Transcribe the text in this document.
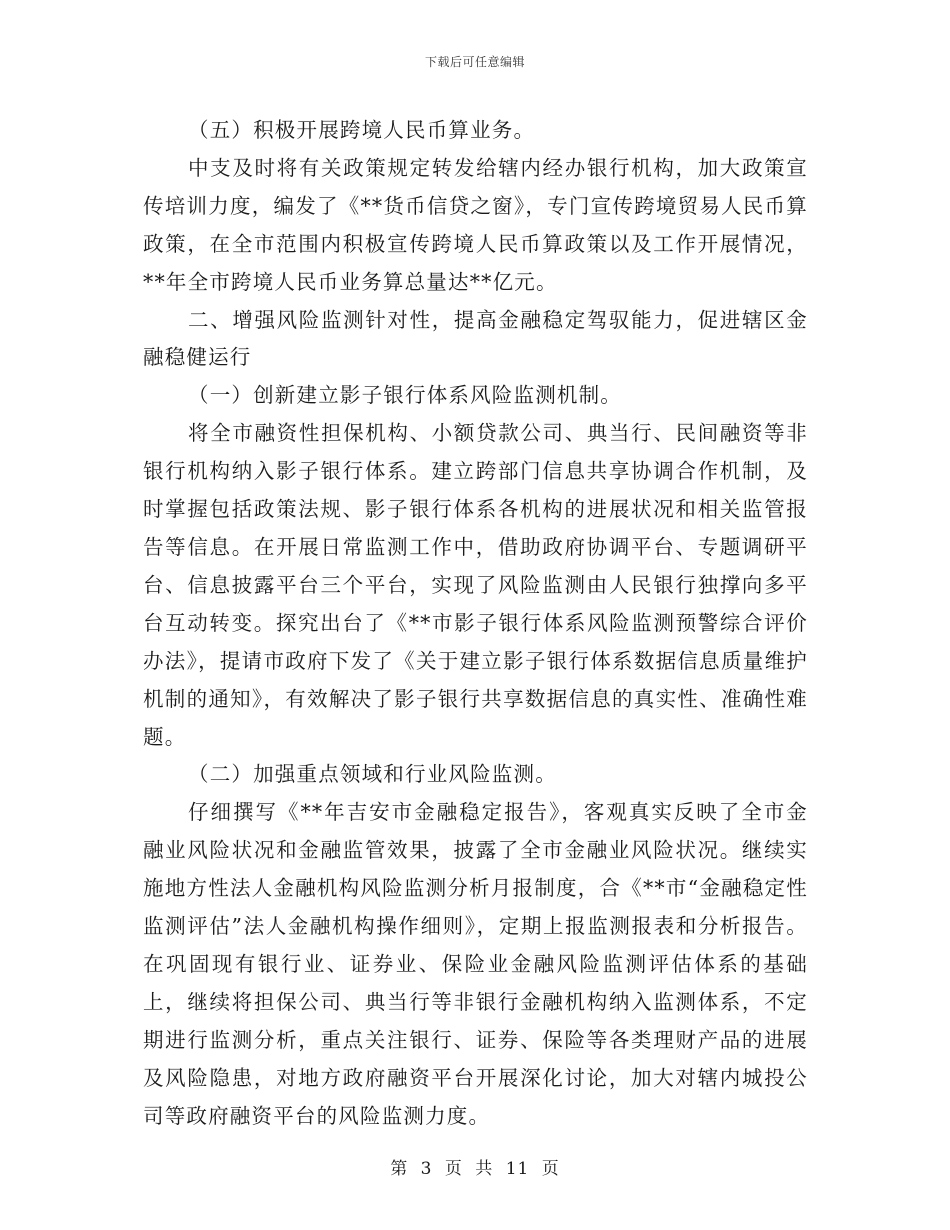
下载后可任意编辑

（五）积极开展跨境人民币算业务。

中支及时将有关政策规定转发给辖内经办银行机构，加大政策宣传培训力度，编发了《**货币信贷之窗》，专门宣传跨境贸易人民币算政策，在全市范围内积极宣传跨境人民币算政策以及工作开展情况，**年全市跨境人民币业务算总量达**亿元。

二、增强风险监测针对性，提高金融稳定驾驭能力，促进辖区金融稳健运行

（一）创新建立影子银行体系风险监测机制。

将全市融资性担保机构、小额贷款公司、典当行、民间融资等非银行机构纳入影子银行体系。建立跨部门信息共享协调合作机制，及时掌握包括政策法规、影子银行体系各机构的进展状况和相关监管报告等信息。在开展日常监测工作中，借助政府协调平台、专题调研平台、信息披露平台三个平台，实现了风险监测由人民银行独撑向多平台互动转变。探究出台了《**市影子银行体系风险监测预警综合评价办法》，提请市政府下发了《关于建立影子银行体系数据信息质量维护机制的通知》，有效解决了影子银行共享数据信息的真实性、准确性难题。

（二）加强重点领域和行业风险监测。

仔细撰写《**年吉安市金融稳定报告》，客观真实反映了全市金融业风险状况和金融监管效果，披露了全市金融业风险状况。继续实施地方性法人金融机构风险监测分析月报制度，合《**市“金融稳定性监测评估”法人金融机构操作细则》，定期上报监测报表和分析报告。在巩固现有银行业、证券业、保险业金融风险监测评估体系的基础上，继续将担保公司、典当行等非银行金融机构纳入监测体系，不定期进行监测分析，重点关注银行、证券、保险等各类理财产品的进展及风险隐患，对地方政府融资平台开展深化讨论，加大对辖内城投公司等政府融资平台的风险监测力度。

第 3 页 共 11 页
